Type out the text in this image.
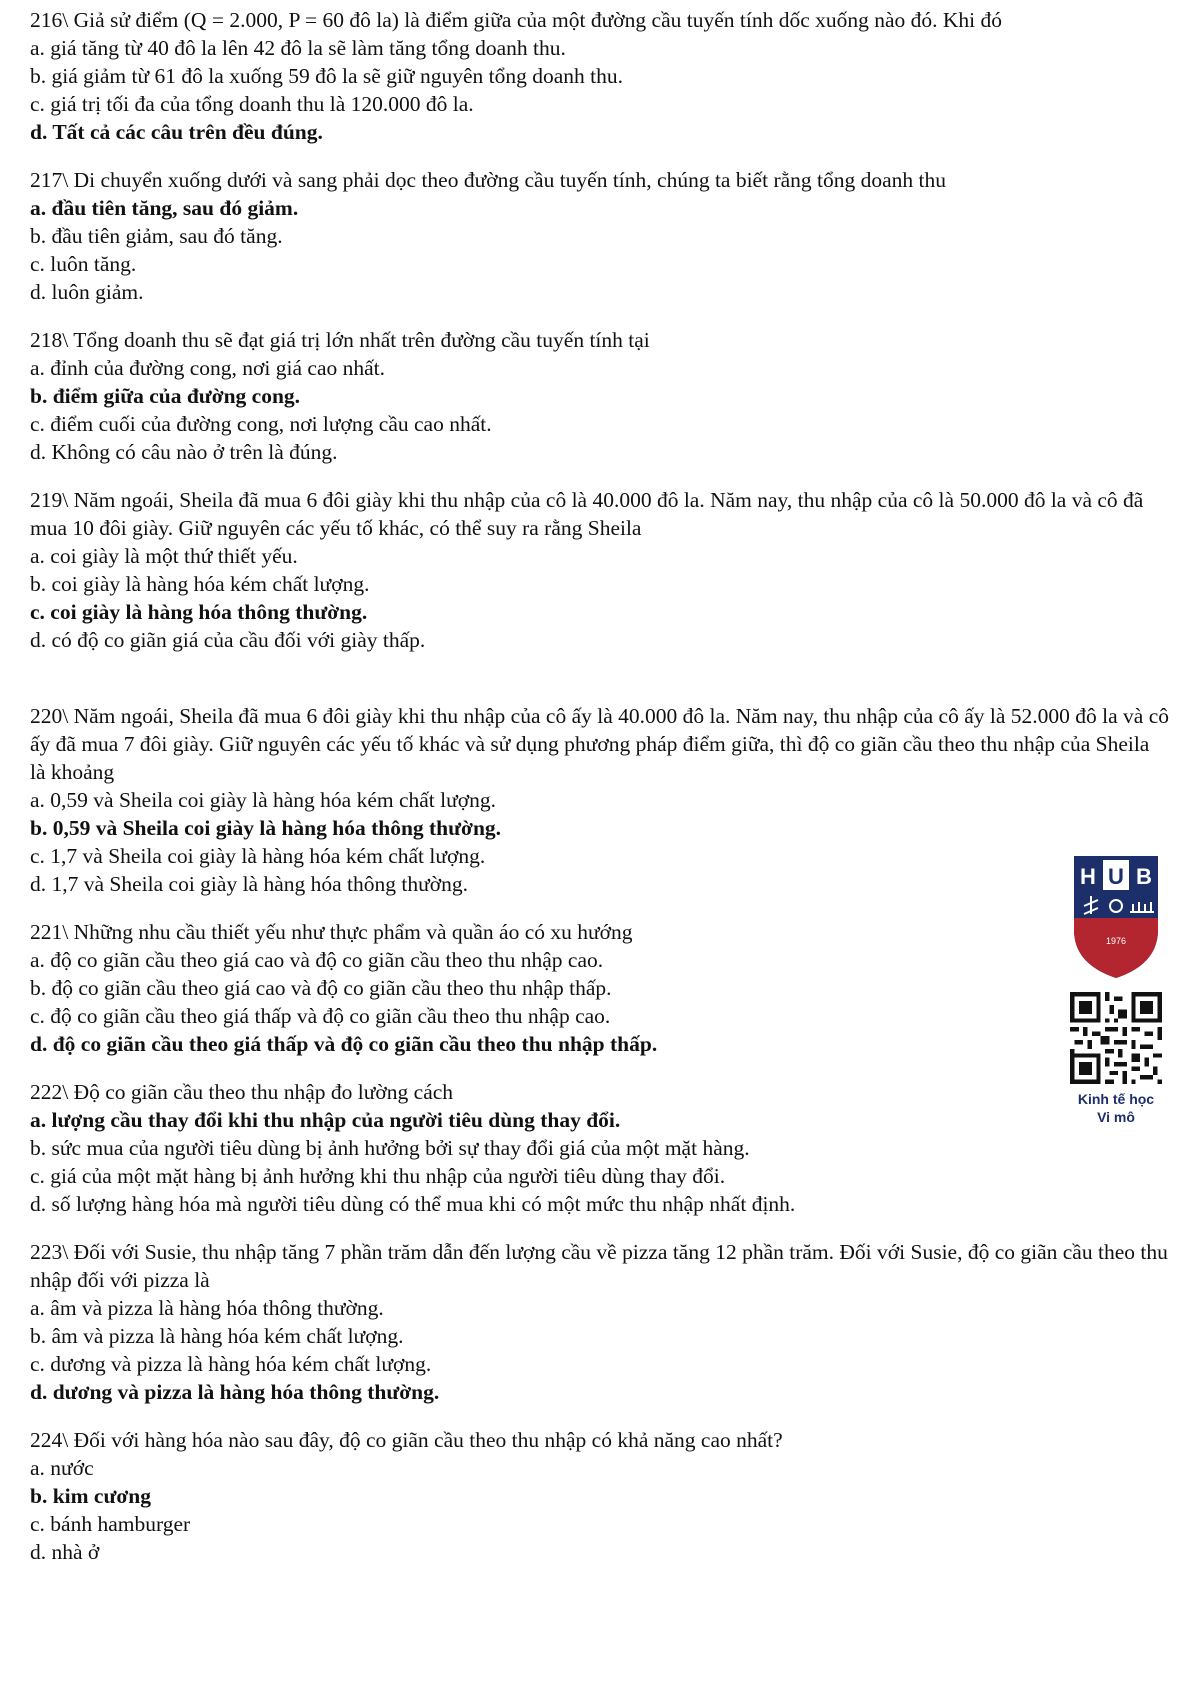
216\ Giả sử điểm (Q = 2.000, P = 60 đô la) là điểm giữa của một đường cầu tuyến tính dốc xuống nào đó. Khi đó
a. giá tăng từ 40 đô la lên 42 đô la sẽ làm tăng tổng doanh thu.
b. giá giảm từ 61 đô la xuống 59 đô la sẽ giữ nguyên tổng doanh thu.
c. giá trị tối đa của tổng doanh thu là 120.000 đô la.
d. Tất cả các câu trên đều đúng.
217\ Di chuyển xuống dưới và sang phải dọc theo đường cầu tuyến tính, chúng ta biết rằng tổng doanh thu
a. đầu tiên tăng, sau đó giảm.
b. đầu tiên giảm, sau đó tăng.
c. luôn tăng.
d. luôn giảm.
218\ Tổng doanh thu sẽ đạt giá trị lớn nhất trên đường cầu tuyến tính tại
a. đỉnh của đường cong, nơi giá cao nhất.
b. điểm giữa của đường cong.
c. điểm cuối của đường cong, nơi lượng cầu cao nhất.
d. Không có câu nào ở trên là đúng.
219\ Năm ngoái, Sheila đã mua 6 đôi giày khi thu nhập của cô là 40.000 đô la. Năm nay, thu nhập của cô là 50.000 đô la và cô đã mua 10 đôi giày. Giữ nguyên các yếu tố khác, có thể suy ra rằng Sheila
a. coi giày là một thứ thiết yếu.
b. coi giày là hàng hóa kém chất lượng.
c. coi giày là hàng hóa thông thường.
d. có độ co giãn giá của cầu đối với giày thấp.
220\ Năm ngoái, Sheila đã mua 6 đôi giày khi thu nhập của cô ấy là 40.000 đô la. Năm nay, thu nhập của cô ấy là 52.000 đô la và cô ấy đã mua 7 đôi giày. Giữ nguyên các yếu tố khác và sử dụng phương pháp điểm giữa, thì độ co giãn cầu theo thu nhập của Sheila là khoảng
a. 0,59 và Sheila coi giày là hàng hóa kém chất lượng.
b. 0,59 và Sheila coi giày là hàng hóa thông thường.
c. 1,7 và Sheila coi giày là hàng hóa kém chất lượng.
d. 1,7 và Sheila coi giày là hàng hóa thông thường.
221\ Những nhu cầu thiết yếu như thực phẩm và quần áo có xu hướng
a. độ co giãn cầu theo giá cao và độ co giãn cầu theo thu nhập cao.
b. độ co giãn cầu theo giá cao và độ co giãn cầu theo thu nhập thấp.
c. độ co giãn cầu theo giá thấp và độ co giãn cầu theo thu nhập cao.
d. độ co giãn cầu theo giá thấp và độ co giãn cầu theo thu nhập thấp.
222\ Độ co giãn cầu theo thu nhập đo lường cách
a. lượng cầu thay đổi khi thu nhập của người tiêu dùng thay đổi.
b. sức mua của người tiêu dùng bị ảnh hưởng bởi sự thay đổi giá của một mặt hàng.
c. giá của một mặt hàng bị ảnh hưởng khi thu nhập của người tiêu dùng thay đổi.
d. số lượng hàng hóa mà người tiêu dùng có thể mua khi có một mức thu nhập nhất định.
223\ Đối với Susie, thu nhập tăng 7 phần trăm dẫn đến lượng cầu về pizza tăng 12 phần trăm. Đối với Susie, độ co giãn cầu theo thu nhập đối với pizza là
a. âm và pizza là hàng hóa thông thường.
b. âm và pizza là hàng hóa kém chất lượng.
c. dương và pizza là hàng hóa kém chất lượng.
d. dương và pizza là hàng hóa thông thường.
224\ Đối với hàng hóa nào sau đây, độ co giãn cầu theo thu nhập có khả năng cao nhất?
a. nước
b. kim cương
c. bánh hamburger
d. nhà ở
H U B
1976
Kinh tế học
Vi mô
